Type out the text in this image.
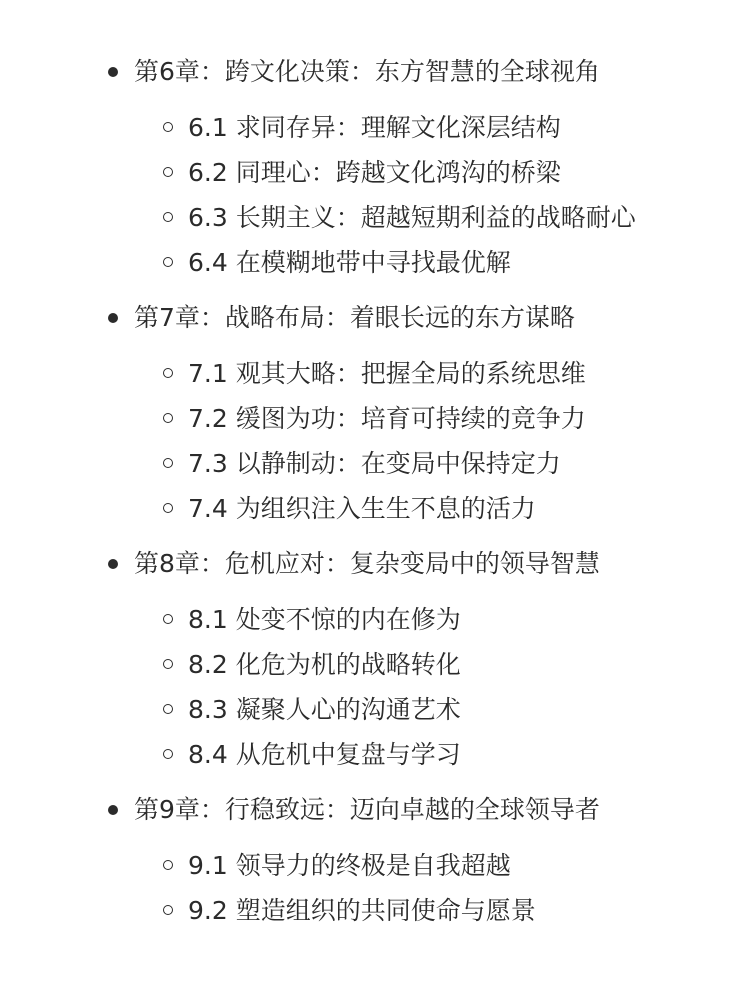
第6章：跨文化决策：东方智慧的全球视角
6.1 求同存异：理解文化深层结构
6.2 同理心：跨越文化鸿沟的桥梁
6.3 长期主义：超越短期利益的战略耐心
6.4 在模糊地带中寻找最优解
第7章：战略布局：着眼长远的东方谋略
7.1 观其大略：把握全局的系统思维
7.2 缓图为功：培育可持续的竞争力
7.3 以静制动：在变局中保持定力
7.4 为组织注入生生不息的活力
第8章：危机应对：复杂变局中的领导智慧
8.1 处变不惊的内在修为
8.2 化危为机的战略转化
8.3 凝聚人心的沟通艺术
8.4 从危机中复盘与学习
第9章：行稳致远：迈向卓越的全球领导者
9.1 领导力的终极是自我超越
9.2 塑造组织的共同使命与愿景
